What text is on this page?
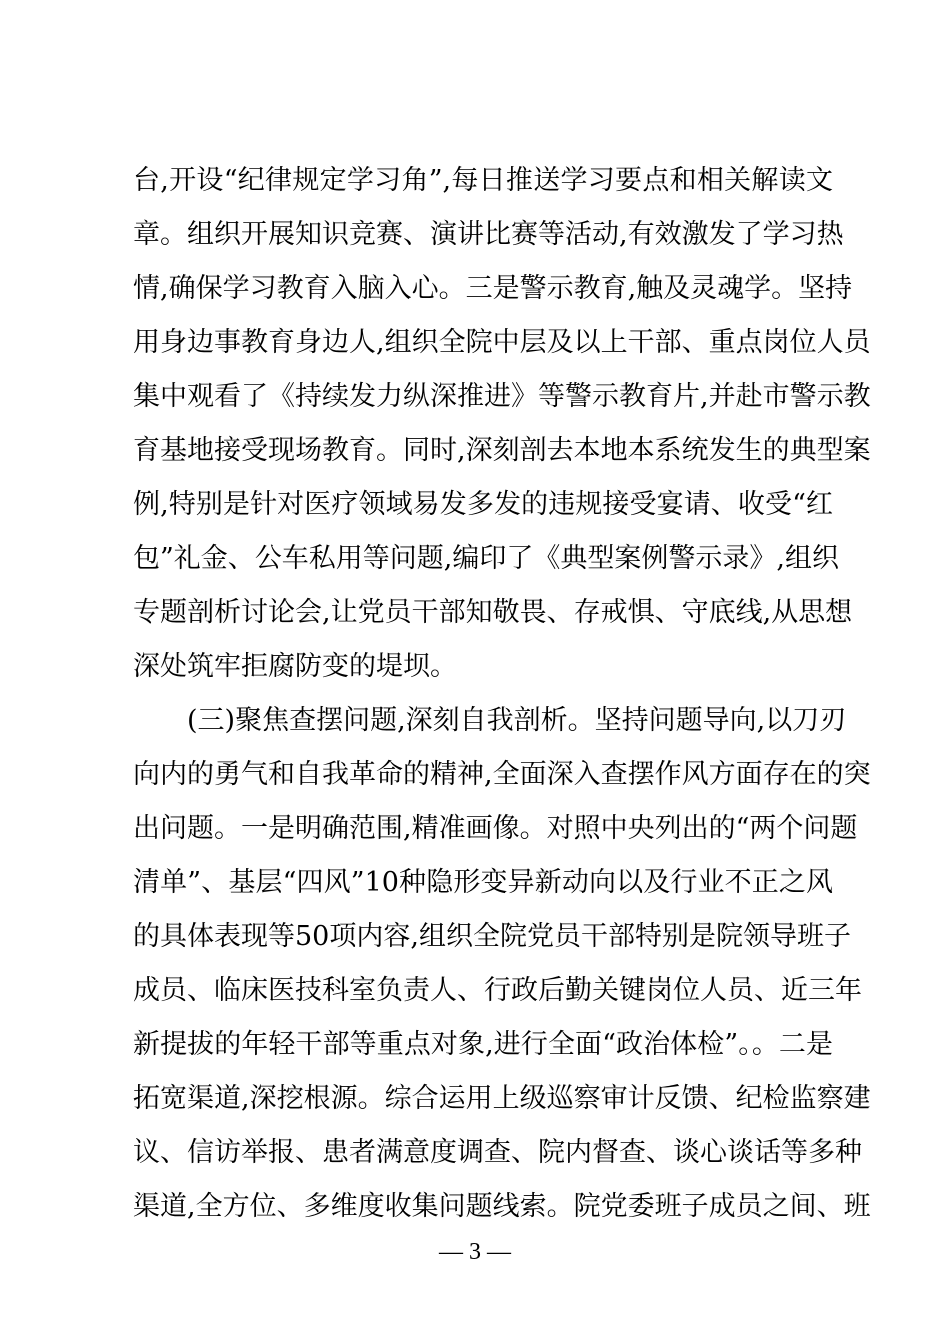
台,开设“纪律规定学习角”,每日推送学习要点和相关解读文
章。组织开展知识竞赛、演讲比赛等活动,有效激发了学习热
情,确保学习教育入脑入心。三是警示教育,触及灵魂学。坚持
用身边事教育身边人,组织全院中层及以上干部、重点岗位人员
集中观看了《持续发力纵深推进》等警示教育片,并赴市警示教
育基地接受现场教育。同时,深刻剖去本地本系统发生的典型案
例,特别是针对医疗领域易发多发的违规接受宴请、收受“红
包”礼金、公车私用等问题,编印了《典型案例警示录》,组织
专题剖析讨论会,让党员干部知敬畏、存戒惧、守底线,从思想
深处筑牢拒腐防变的堤坝。
(三)聚焦查摆问题,深刻自我剖析。坚持问题导向,以刀刃
向内的勇气和自我革命的精神,全面深入查摆作风方面存在的突
出问题。一是明确范围,精准画像。对照中央列出的“两个问题
清单”、基层“四风”10种隐形变异新动向以及行业不正之风
的具体表现等50项内容,组织全院党员干部特别是院领导班子
成员、临床医技科室负责人、行政后勤关键岗位人员、近三年
新提拔的年轻干部等重点对象,进行全面“政治体检”。。二是
拓宽渠道,深挖根源。综合运用上级巡察审计反馈、纪检监察建
议、信访举报、患者满意度调查、院内督查、谈心谈话等多种
渠道,全方位、多维度收集问题线索。院党委班子成员之间、班
— 3 —
